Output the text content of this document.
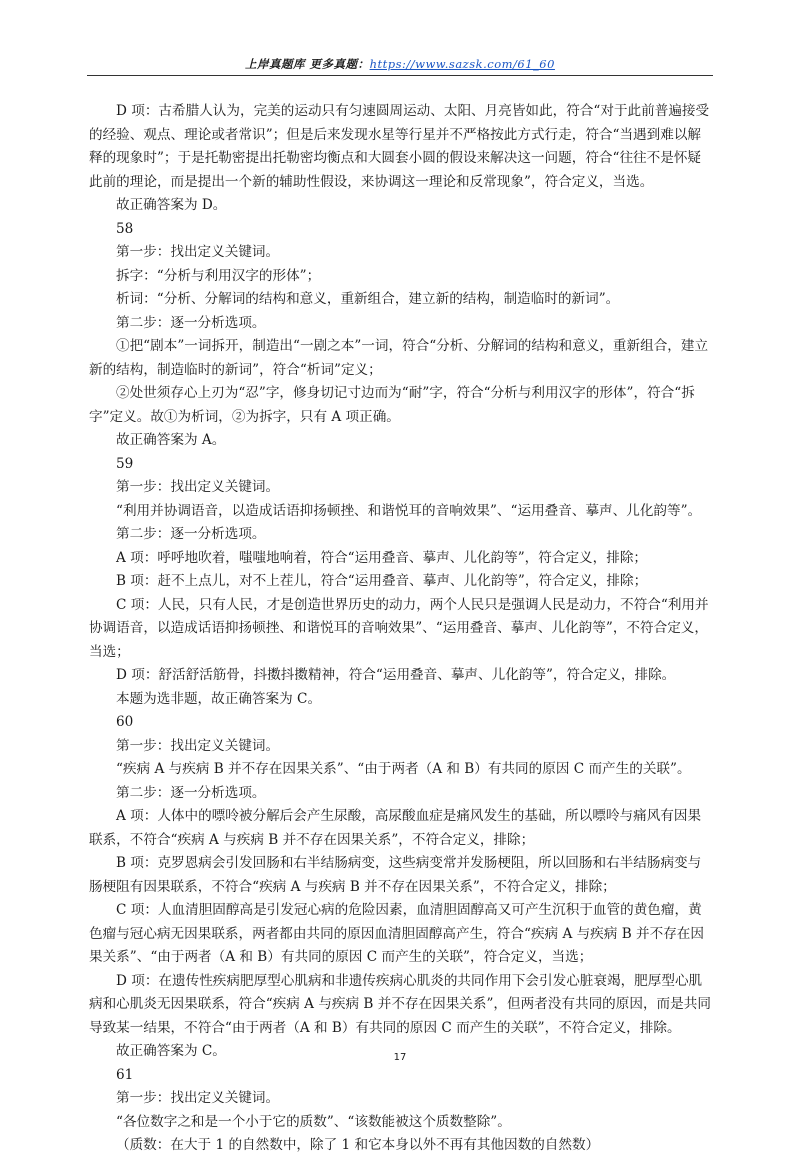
上岸真题库 更多真题：https://www.sazsk.com/61_60

D 项：古希腊人认为，完美的运动只有匀速圆周运动、太阳、月亮皆如此，符合“对于此前普遍接受的经验、观点、理论或者常识”；但是后来发现水星等行星并不严格按此方式行走，符合“当遇到难以解释的现象时”；于是托勒密提出托勒密均衡点和大圆套小圆的假设来解决这一问题，符合“往往不是怀疑此前的理论，而是提出一个新的辅助性假设，来协调这一理论和反常现象”，符合定义，当选。

故正确答案为 D。

58

第一步：找出定义关键词。

拆字：“分析与利用汉字的形体”；

析词：“分析、分解词的结构和意义，重新组合，建立新的结构，制造临时的新词”。

第二步：逐一分析选项。

①把“剧本”一词拆开，制造出“一剧之本”一词，符合“分析、分解词的结构和意义，重新组合，建立新的结构，制造临时的新词”，符合“析词”定义；

②处世须存心上刃为“忍”字，修身切记寸边而为“耐”字，符合“分析与利用汉字的形体”，符合“拆字”定义。故①为析词，②为拆字，只有 A 项正确。

故正确答案为 A。

59

第一步：找出定义关键词。

“利用并协调语音，以造成话语抑扬顿挫、和谐悦耳的音响效果”、“运用叠音、摹声、儿化韵等”。

第二步：逐一分析选项。

A 项：呼呼地吹着，嗤嗤地响着，符合“运用叠音、摹声、儿化韵等”，符合定义，排除；

B 项：赶不上点儿，对不上茬儿，符合“运用叠音、摹声、儿化韵等”，符合定义，排除；

C 项：人民，只有人民，才是创造世界历史的动力，两个人民只是强调人民是动力，不符合“利用并协调语音，以造成话语抑扬顿挫、和谐悦耳的音响效果”、“运用叠音、摹声、儿化韵等”，不符合定义，当选；

D 项：舒活舒活筋骨，抖擞抖擞精神，符合“运用叠音、摹声、儿化韵等”，符合定义，排除。

本题为选非题，故正确答案为 C。

60

第一步：找出定义关键词。

“疾病 A 与疾病 B 并不存在因果关系”、“由于两者（A 和 B）有共同的原因 C 而产生的关联”。

第二步：逐一分析选项。

A 项：人体中的嘌呤被分解后会产生尿酸，高尿酸血症是痛风发生的基础，所以嘌呤与痛风有因果联系，不符合“疾病 A 与疾病 B 并不存在因果关系”，不符合定义，排除；

B 项：克罗恩病会引发回肠和右半结肠病变，这些病变常并发肠梗阻，所以回肠和右半结肠病变与肠梗阻有因果联系，不符合“疾病 A 与疾病 B 并不存在因果关系”，不符合定义，排除；

C 项：人血清胆固醇高是引发冠心病的危险因素，血清胆固醇高又可产生沉积于血管的黄色瘤，黄色瘤与冠心病无因果联系，两者都由共同的原因血清胆固醇高产生，符合“疾病 A 与疾病 B 并不存在因果关系”、“由于两者（A 和 B）有共同的原因 C 而产生的关联”，符合定义，当选；

D 项：在遗传性疾病肥厚型心肌病和非遗传疾病心肌炎的共同作用下会引发心脏衰竭，肥厚型心肌病和心肌炎无因果联系，符合“疾病 A 与疾病 B 并不存在因果关系”，但两者没有共同的原因，而是共同导致某一结果，不符合“由于两者（A 和 B）有共同的原因 C 而产生的关联”，不符合定义，排除。

故正确答案为 C。

61

第一步：找出定义关键词。

“各位数字之和是一个小于它的质数”、“该数能被这个质数整除”。

（质数：在大于 1 的自然数中，除了 1 和它本身以外不再有其他因数的自然数）

17
